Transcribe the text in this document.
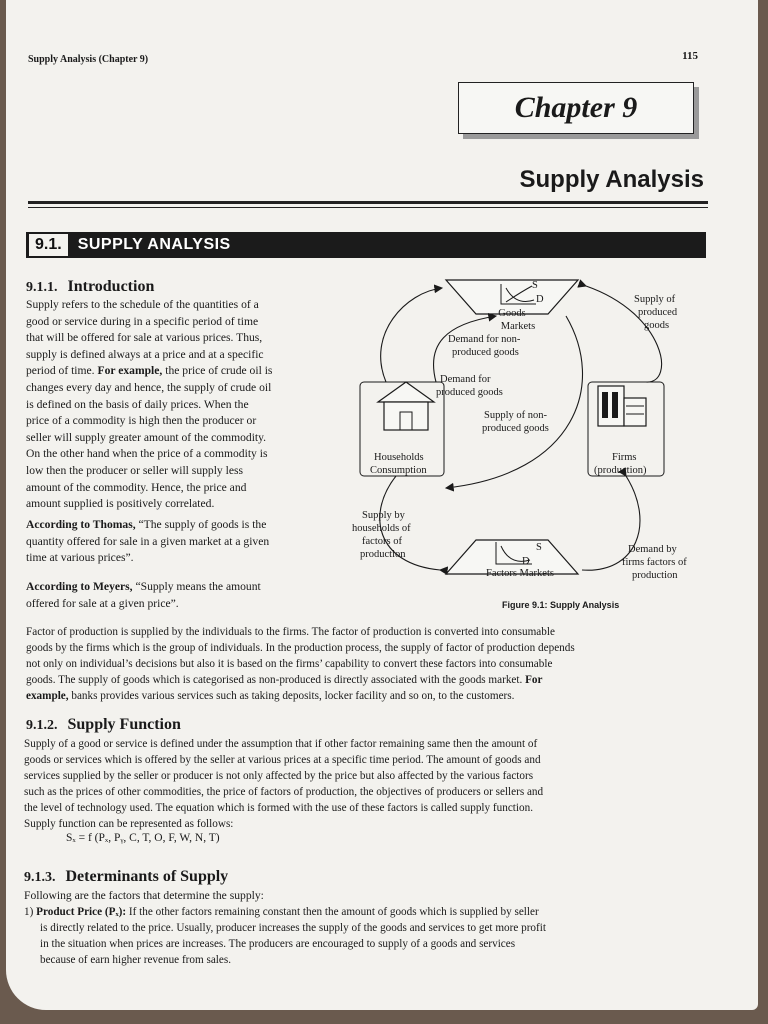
Supply Analysis (Chapter 9)	115
Chapter 9
Supply Analysis
9.1.	SUPPLY ANALYSIS
9.1.1. Introduction
Supply refers to the schedule of the quantities of a
good or service during in a specific period of time
that will be offered for sale at various prices. Thus,
supply is defined always at a price and at a specific
period of time. For example, the price of crude oil is
changes every day and hence, the supply of crude oil
is defined on the basis of daily prices. When the
price of a commodity is high then the producer or
seller will supply greater amount of the commodity.
On the other hand when the price of a commodity is
low then the producer or seller will supply less
amount of the commodity. Hence, the price and
amount supplied is positively correlated.
According to Thomas, “The supply of goods is the
quantity offered for sale in a given market at a given
time at various prices”.
According to Meyers, “Supply means the amount
offered for sale at a given price”.
S
D
Goods
Markets
S
D
Factors Markets
Households
Consumption
Firms
(production)
Supply of produced goods
Demand for non- produced goods
Demand for produced goods
Supply of non- produced goods
Supply by households of factors of production	Demand by firms factors of production
Figure 9.1: Supply Analysis
Factor of production is supplied by the individuals to the firms. The factor of production is converted into consumable
goods by the firms which is the group of individuals. In the production process, the supply of factor of production depends
not only on individual’s decisions but also it is based on the firms’ capability to convert these factors into consumable
goods. The supply of goods which is categorised as non-produced is directly associated with the goods market. For
example, banks provides various services such as taking deposits, locker facility and so on, to the customers.
9.1.2. Supply Function
Supply of a good or service is defined under the assumption that if other factor remaining same then the amount of
goods or services which is offered by the seller at various prices at a specific time period. The amount of goods and
services supplied by the seller or producer is not only affected by the price but also affected by the various factors
such as the prices of other commodities, the price of factors of production, the objectives of producers or sellers and
the level of technology used. The equation which is formed with the use of these factors is called supply function.
Supply function can be represented as follows:
Sₓ = f (Pₓ, Pᵧ, C, T, O, F, W, N, T)
9.1.3. Determinants of Supply
Following are the factors that determine the supply:
1) Product Price (Pₓ): If the other factors remaining constant then the amount of goods which is supplied by seller
is directly related to the price. Usually, producer increases the supply of the goods and services to get more profit
in the situation when prices are increases. The producers are encouraged to supply of a goods and services
because of earn higher revenue from sales.
